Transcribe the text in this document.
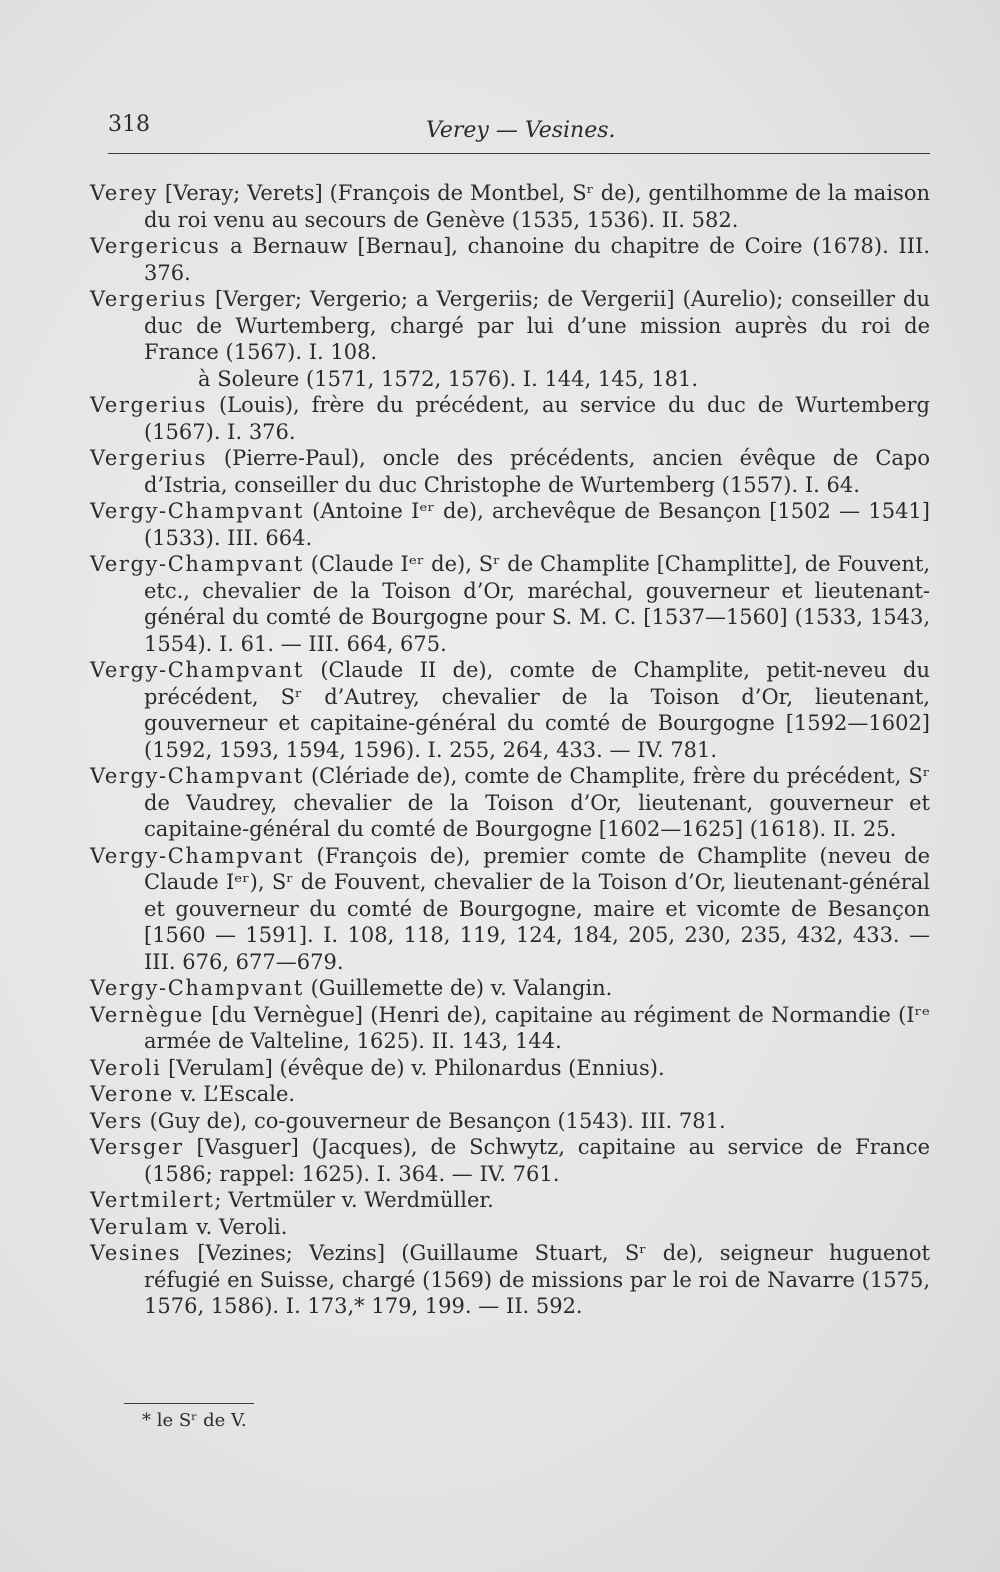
318	Verey — Vesines.

Verey [Veray; Verets] (François de Montbel, Sʳ de), gentilhomme de la maison du roi venu au secours de Genève (1535, 1536). II. 582.

Vergericus a Bernauw [Bernau], chanoine du chapitre de Coire (1678). III. 376.

Vergerius [Verger; Vergerio; a Vergeriis; de Vergerii] (Aurelio); conseiller du duc de Wurtemberg, chargé par lui d’une mission auprès du roi de France (1567). I. 108.
à Soleure (1571, 1572, 1576). I. 144, 145, 181.

Vergerius (Louis), frère du précédent, au service du duc de Wurtemberg (1567). I. 376.

Vergerius (Pierre-Paul), oncle des précédents, ancien évêque de Capo d’Istria, conseiller du duc Christophe de Wurtemberg (1557). I. 64.

Vergy-Champvant (Antoine Iᵉʳ de), archevêque de Besançon [1502 — 1541] (1533). III. 664.

Vergy-Champvant (Claude Iᵉʳ de), Sʳ de Champlite [Champlitte], de Fouvent, etc., chevalier de la Toison d’Or, maréchal, gouverneur et lieutenant-général du comté de Bourgogne pour S. M. C. [1537—1560] (1533, 1543, 1554). I. 61. — III. 664, 675.

Vergy-Champvant (Claude II de), comte de Champlite, petit-neveu du précédent, Sʳ d’Autrey, chevalier de la Toison d’Or, lieutenant, gouverneur et capitaine-général du comté de Bourgogne [1592—1602] (1592, 1593, 1594, 1596). I. 255, 264, 433. — IV. 781.

Vergy-Champvant (Clériade de), comte de Champlite, frère du précédent, Sʳ de Vaudrey, chevalier de la Toison d’Or, lieutenant, gouverneur et capitaine-général du comté de Bourgogne [1602—1625] (1618). II. 25.

Vergy-Champvant (François de), premier comte de Champlite (neveu de Claude Iᵉʳ), Sʳ de Fouvent, chevalier de la Toison d’Or, lieutenant-général et gouverneur du comté de Bourgogne, maire et vicomte de Besançon [1560 — 1591]. I. 108, 118, 119, 124, 184, 205, 230, 235, 432, 433. — III. 676, 677—679.

Vergy-Champvant (Guillemette de) v. Valangin.

Vernègue [du Vernègue] (Henri de), capitaine au régiment de Normandie (Iʳᵉ armée de Valteline, 1625). II. 143, 144.

Veroli [Verulam] (évêque de) v. Philonardus (Ennius).

Verone v. L’Escale.

Vers (Guy de), co-gouverneur de Besançon (1543). III. 781.

Versger [Vasguer] (Jacques), de Schwytz, capitaine au service de France (1586; rappel: 1625). I. 364. — IV. 761.

Vertmilert; Vertmüler v. Werdmüller.

Verulam v. Veroli.

Vesines [Vezines; Vezins] (Guillaume Stuart, Sʳ de), seigneur huguenot réfugié en Suisse, chargé (1569) de missions par le roi de Navarre (1575, 1576, 1586). I. 173,* 179, 199. — II. 592.

* le Sʳ de V.
